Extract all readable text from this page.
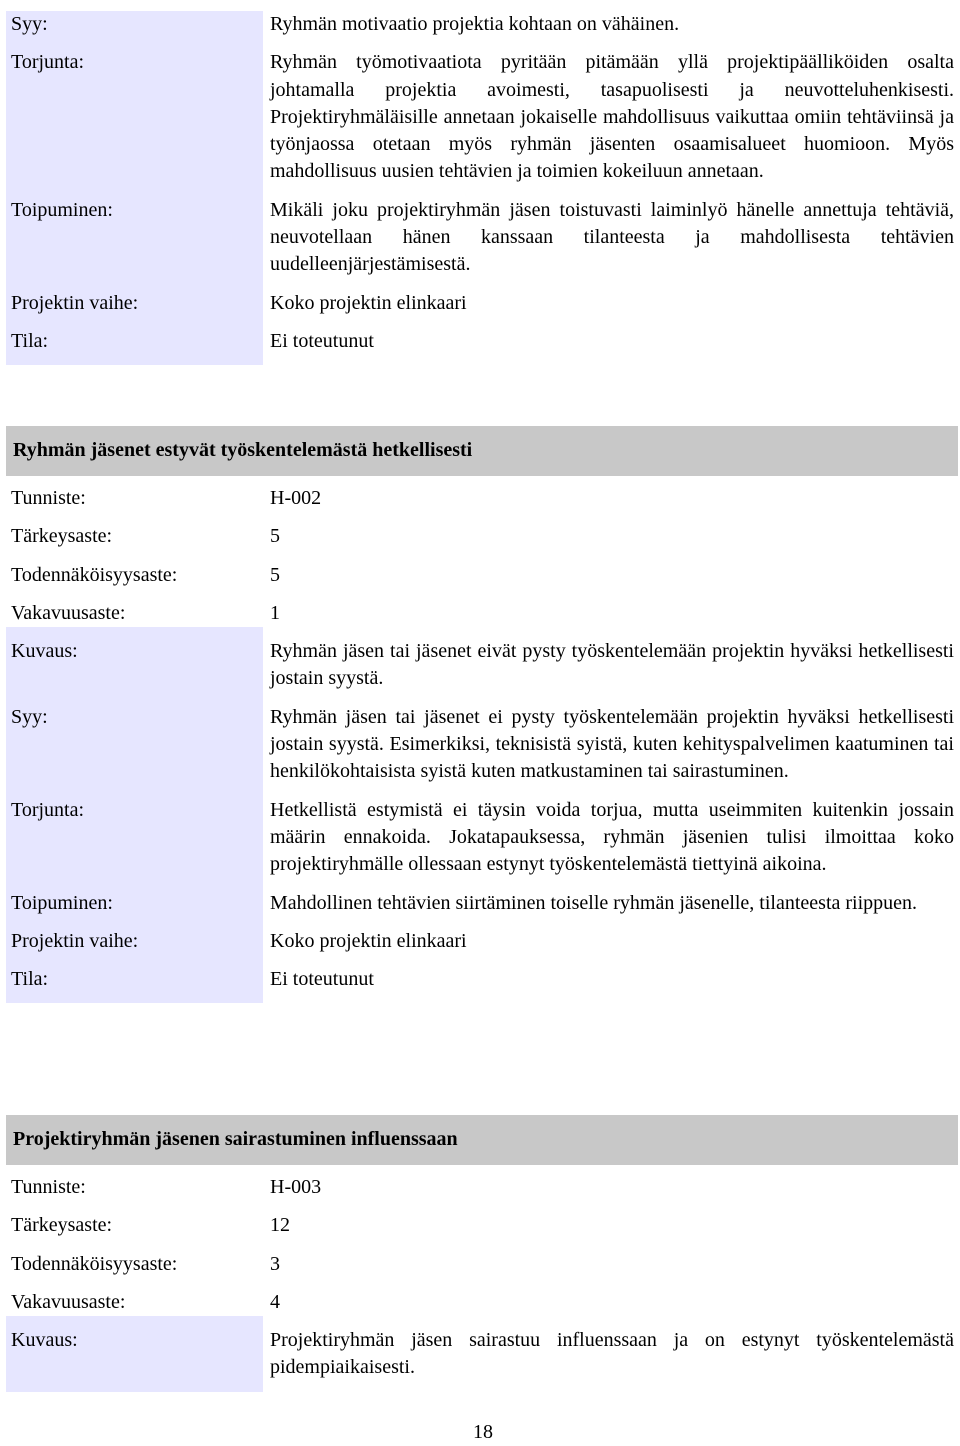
Syy:	Ryhmän motivaatio projektia kohtaan on vähäinen.
Torjunta:	Ryhmän työmotivaatiota pyritään pitämään yllä projektipäälliköiden osalta johtamalla projektia avoimesti, tasapuolisesti ja neuvotteluhenkisesti. Projektiryhmäläisille annetaan jokaiselle mahdollisuus vaikuttaa omiin tehtäviinsä ja työnjaossa otetaan myös ryhmän jäsenten osaamisalueet huomioon. Myös mahdollisuus uusien tehtävien ja toimien kokeiluun annetaan.
Toipuminen:	Mikäli joku projektiryhmän jäsen toistuvasti laiminlyö hänelle annettuja tehtäviä, neuvotellaan hänen kanssaan tilanteesta ja mahdollisesta tehtävien uudelleenjärjestämisestä.
Projektin vaihe:	Koko projektin elinkaari
Tila:	Ei toteutunut
Ryhmän jäsenet estyvät työskentelemästä hetkellisesti
Tunniste:	H-002
Tärkeysaste:	5
Todennäköisyysaste:	5
Vakavuusaste:	1
Kuvaus:	Ryhmän jäsen tai jäsenet eivät pysty työskentelemään projektin hyväksi hetkellisesti jostain syystä.
Syy:	Ryhmän jäsen tai jäsenet ei pysty työskentelemään projektin hyväksi hetkellisesti jostain syystä. Esimerkiksi, teknisistä syistä, kuten kehityspalvelimen kaatuminen tai henkilökohtaisista syistä kuten matkustaminen tai sairastuminen.
Torjunta:	Hetkellistä estymistä ei täysin voida torjua, mutta useimmiten kuitenkin jossain määrin ennakoida. Jokatapauksessa, ryhmän jäsenien tulisi ilmoittaa koko projektiryhmälle ollessaan estynyt työskentelemästä tiettyinä aikoina.
Toipuminen:	Mahdollinen tehtävien siirtäminen toiselle ryhmän jäsenelle, tilanteesta riippuen.
Projektin vaihe:	Koko projektin elinkaari
Tila:	Ei toteutunut
Projektiryhmän jäsenen sairastuminen influenssaan
Tunniste:	H-003
Tärkeysaste:	12
Todennäköisyysaste:	3
Vakavuusaste:	4
Kuvaus:	Projektiryhmän jäsen sairastuu influenssaan ja on estynyt työskentelemästä pidempiaikaisesti.
18
